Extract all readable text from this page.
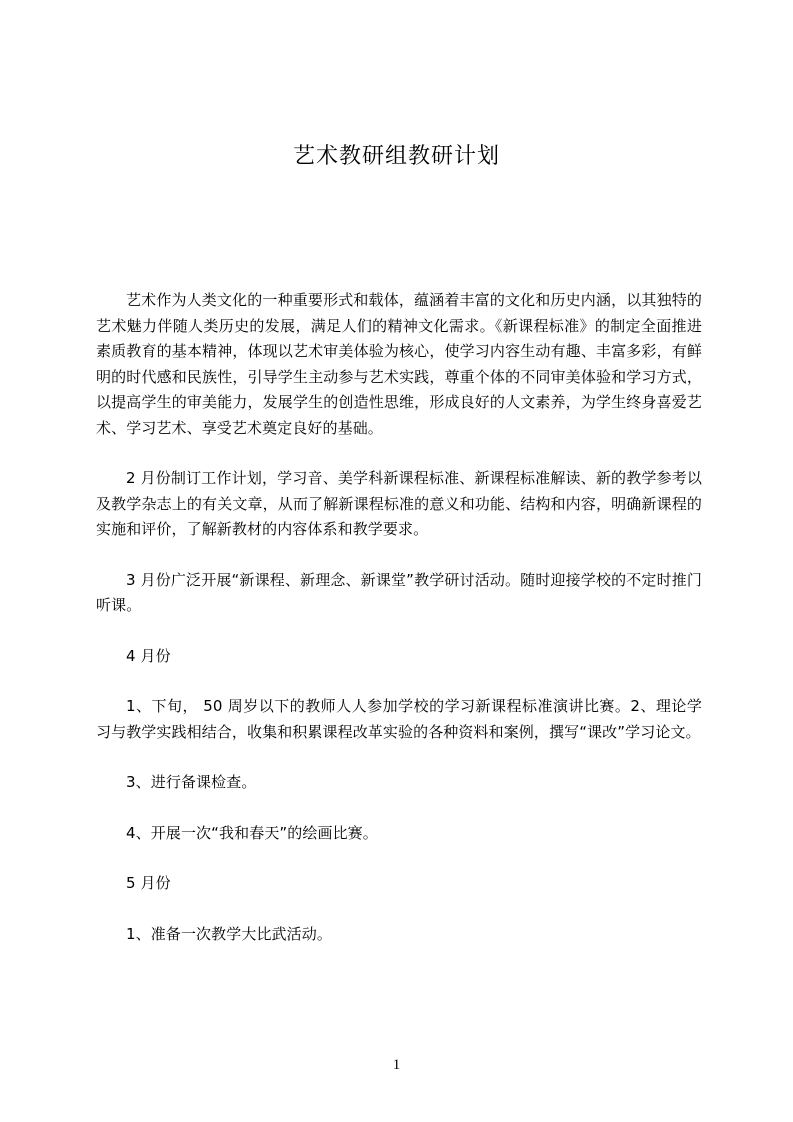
艺术教研组教研计划

艺术作为人类文化的一种重要形式和载体，蕴涵着丰富的文化和历史内涵，以其独特的艺术魅力伴随人类历史的发展，满足人们的精神文化需求。《新课程标准》的制定全面推进素质教育的基本精神，体现以艺术审美体验为核心，使学习内容生动有趣、丰富多彩，有鲜明的时代感和民族性，引导学生主动参与艺术实践，尊重个体的不同审美体验和学习方式，以提高学生的审美能力，发展学生的创造性思维，形成良好的人文素养，为学生终身喜爱艺术、学习艺术、享受艺术奠定良好的基础。

2 月份制订工作计划，学习音、美学科新课程标准、新课程标准解读、新的教学参考以及教学杂志上的有关文章，从而了解新课程标准的意义和功能、结构和内容，明确新课程的实施和评价，了解新教材的内容体系和教学要求。

3 月份广泛开展“新课程、新理念、新课堂”教学研讨活动。随时迎接学校的不定时推门听课。

4 月份

1、下旬， 50 周岁以下的教师人人参加学校的学习新课程标准演讲比赛。2、理论学习与教学实践相结合，收集和积累课程改革实验的各种资料和案例，撰写“课改”学习论文。

3、进行备课检查。

4、开展一次“我和春天”的绘画比赛。

5 月份

1、准备一次教学大比武活动。

1
